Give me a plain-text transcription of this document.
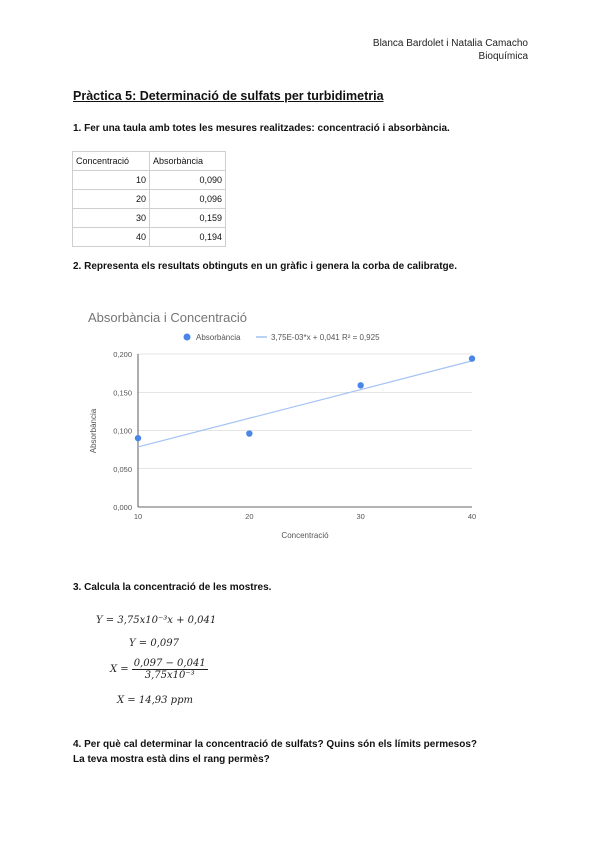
Blanca Bardolet i Natalia Camacho
Bioquímica
Pràctica 5: Determinació de sulfats per turbidimetria
1. Fer una taula amb totes les mesures realitzades: concentració i absorbància.
Concentració	Absorbància
10	0,090
20	0,096
30	0,159
40	0,194
2. Representa els resultats obtinguts en un gràfic i genera la corba de calibratge.
Absorbància i Concentració
Absorbància	3,75E-03*x + 0,041 R² = 0,925
0,000
0,050
0,100
0,150
0,200
10	20	30	40
Concentració
Absorbància
3. Calcula la concentració de les mostres.
Y = 3,75x10⁻³x + 0,041
Y = 0,097
$X = \frac{0,097 - 0,041}{\text{3,75x10⁻³}}$
X = 14,93 ppm
4. Per què cal determinar la concentració de sulfats? Quins són els límits permesos?
La teva mostra està dins el rang permès?
